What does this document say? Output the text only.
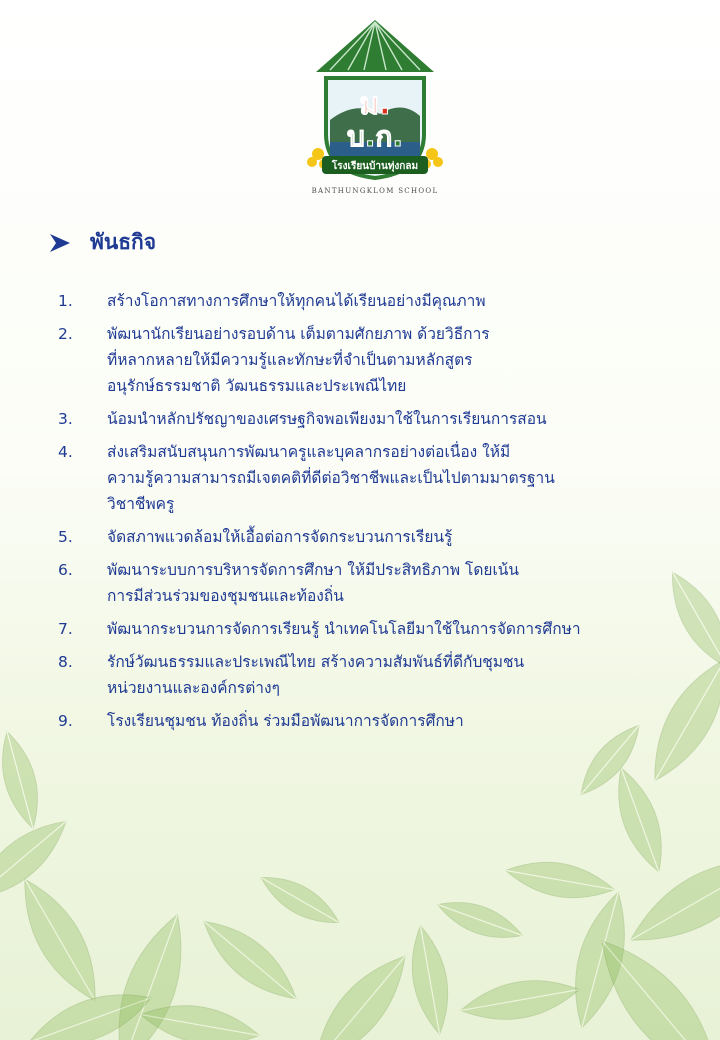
ม.
บ.ก.
โรงเรียนบ้านทุ่งกลม
BANTHUNGKLOM SCHOOL
พันธกิจ
1. สร้างโอกาสทางการศึกษาให้ทุกคนได้เรียนอย่างมีคุณภาพ
2. พัฒนานักเรียนอย่างรอบด้าน เต็มตามศักยภาพ ด้วยวิธีการ
ที่หลากหลายให้มีความรู้และทักษะที่จำเป็นตามหลักสูตร
อนุรักษ์ธรรมชาติ วัฒนธรรมและประเพณีไทย
3. น้อมนำหลักปรัชญาของเศรษฐกิจพอเพียงมาใช้ในการเรียนการสอน
4. ส่งเสริมสนับสนุนการพัฒนาครูและบุคลากรอย่างต่อเนื่อง ให้มี
ความรู้ความสามารถมีเจตคติที่ดีต่อวิชาชีพและเป็นไปตามมาตรฐาน
วิชาชีพครู
5. จัดสภาพแวดล้อมให้เอื้อต่อการจัดกระบวนการเรียนรู้
6. พัฒนาระบบการบริหารจัดการศึกษา ให้มีประสิทธิภาพ โดยเน้น
การมีส่วนร่วมของชุมชนและท้องถิ่น
7. พัฒนากระบวนการจัดการเรียนรู้ นำเทคโนโลยีมาใช้ในการจัดการศึกษา
8. รักษ์วัฒนธรรมและประเพณีไทย สร้างความสัมพันธ์ที่ดีกับชุมชน
หน่วยงานและองค์กรต่างๆ
9. โรงเรียนชุมชน ท้องถิ่น ร่วมมือพัฒนาการจัดการศึกษา
